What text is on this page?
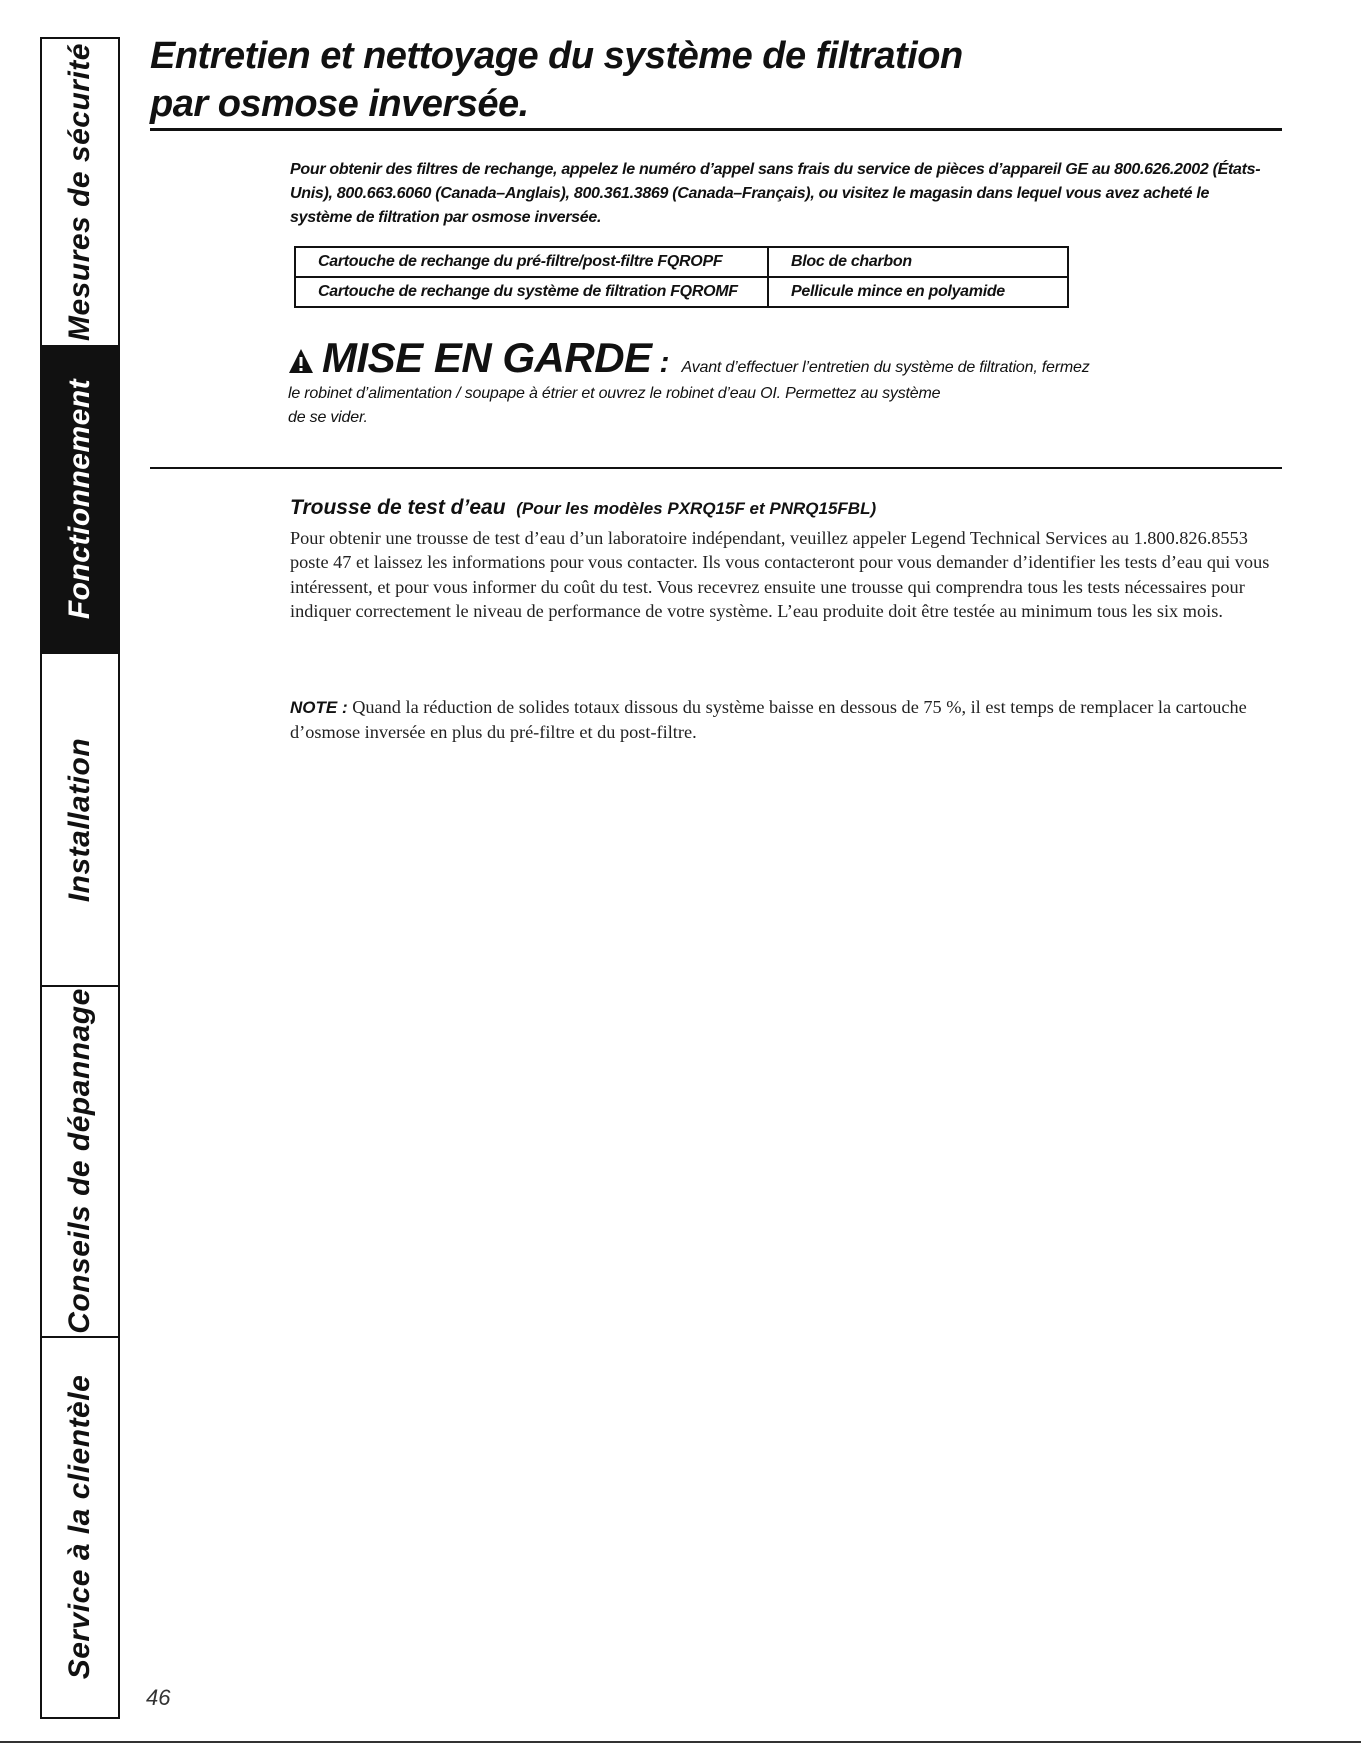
Mesures de sécurité
Fonctionnement
Installation
Conseils de dépannage
Service à la clientèle
Entretien et nettoyage du système de filtration
par osmose inversée.

Pour obtenir des filtres de rechange, appelez le numéro d’appel sans frais du service de pièces d’appareil GE au 800.626.2002 (États-Unis), 800.663.6060 (Canada–Anglais), 800.361.3869 (Canada–Français), ou visitez le magasin dans lequel vous avez acheté le système de filtration par osmose inversée.

Cartouche de rechange du pré-filtre/post-filtre FQROPF	Bloc de charbon
Cartouche de rechange du système de filtration FQROMF	Pellicule mince en polyamide
MISE EN GARDE : Avant d’effectuer l’entretien du système de filtration, fermez
le robinet d’alimentation / soupape à étrier et ouvrez le robinet d’eau OI. Permettez au système
de se vider.
Trousse de test d’eau (Pour les modèles PXRQ15F et PNRQ15FBL)

Pour obtenir une trousse de test d’eau d’un laboratoire indépendant, veuillez appeler Legend Technical Services au 1.800.826.8553 poste 47 et laissez les informations pour vous contacter. Ils vous contacteront pour vous demander d’identifier les tests d’eau qui vous intéressent, et pour vous informer du coût du test. Vous recevrez ensuite une trousse qui comprendra tous les tests nécessaires pour indiquer correctement le niveau de performance de votre système. L’eau produite doit être testée au minimum tous les six mois.

NOTE : Quand la réduction de solides totaux dissous du système baisse en dessous de 75 %, il est temps de remplacer la cartouche d’osmose inversée en plus du pré-filtre et du post-filtre.

46
